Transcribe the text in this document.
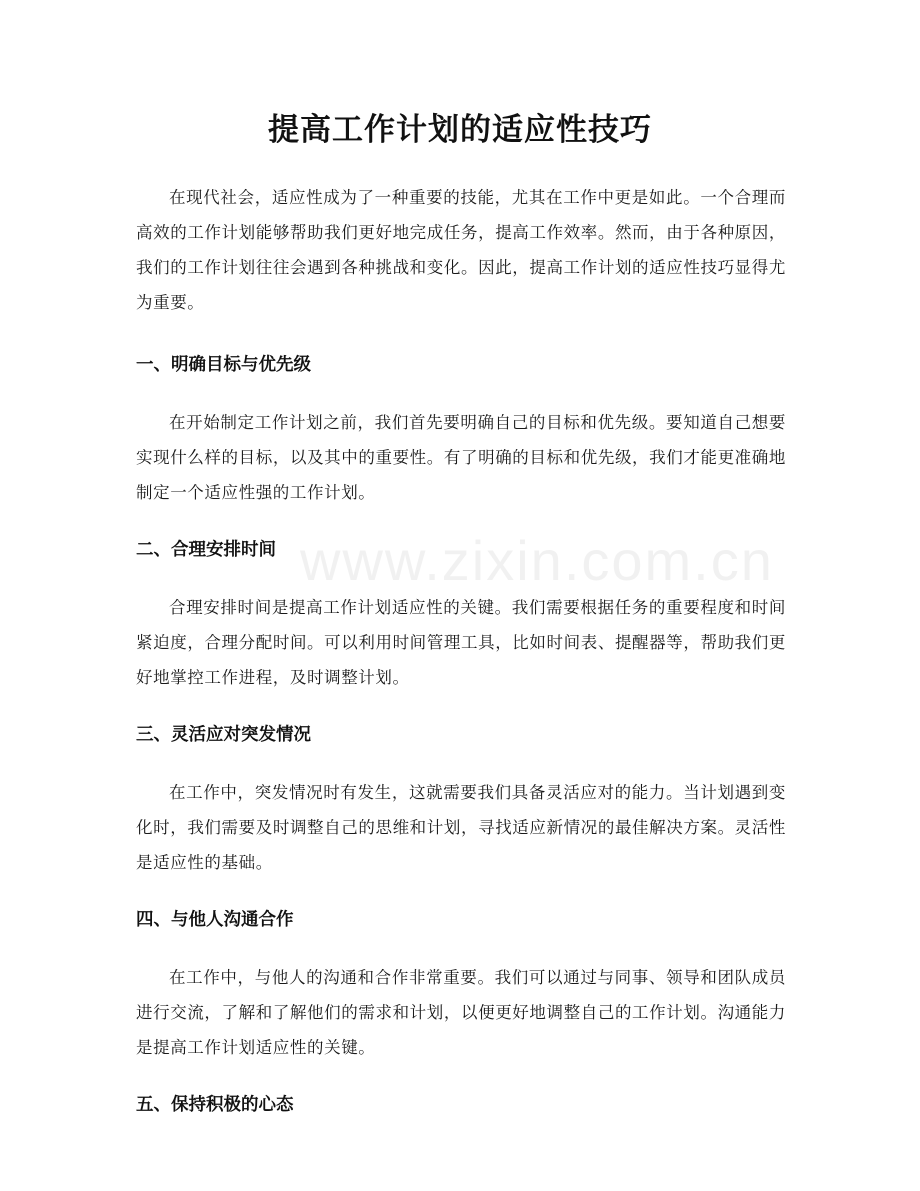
www.zixin.com.cn
提高工作计划的适应性技巧

在现代社会，适应性成为了一种重要的技能，尤其在工作中更是如此。一个合理而高效的工作计划能够帮助我们更好地完成任务，提高工作效率。然而，由于各种原因，我们的工作计划往往会遇到各种挑战和变化。因此，提高工作计划的适应性技巧显得尤为重要。

一、明确目标与优先级

在开始制定工作计划之前，我们首先要明确自己的目标和优先级。要知道自己想要实现什么样的目标，以及其中的重要性。有了明确的目标和优先级，我们才能更准确地制定一个适应性强的工作计划。

二、合理安排时间

合理安排时间是提高工作计划适应性的关键。我们需要根据任务的重要程度和时间紧迫度，合理分配时间。可以利用时间管理工具，比如时间表、提醒器等，帮助我们更好地掌控工作进程，及时调整计划。

三、灵活应对突发情况

在工作中，突发情况时有发生，这就需要我们具备灵活应对的能力。当计划遇到变化时，我们需要及时调整自己的思维和计划，寻找适应新情况的最佳解决方案。灵活性是适应性的基础。

四、与他人沟通合作

在工作中，与他人的沟通和合作非常重要。我们可以通过与同事、领导和团队成员进行交流，了解和了解他们的需求和计划，以便更好地调整自己的工作计划。沟通能力是提高工作计划适应性的关键。

五、保持积极的心态
